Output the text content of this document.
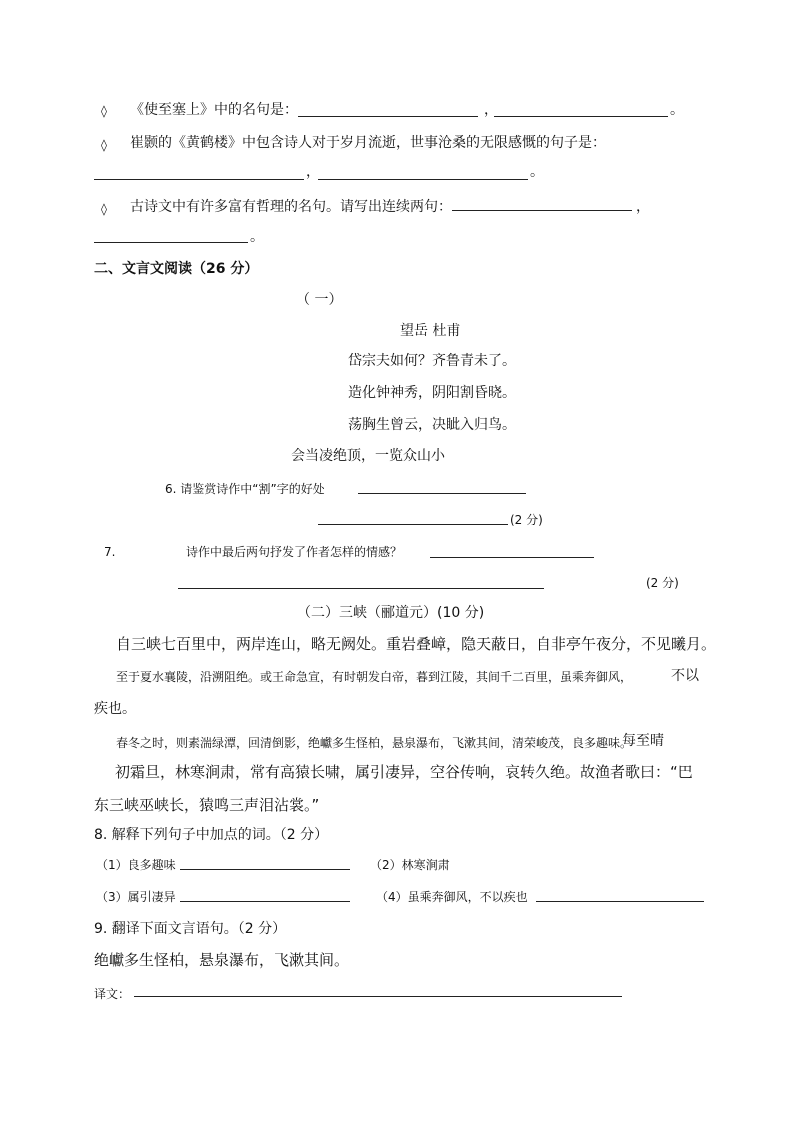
◊ 《使至塞上》中的名句是：	，	。
◊ 崔颢的《黄鹤楼》中包含诗人对于岁月流逝，世事沧桑的无限感慨的句子是：
，	。
◊ 古诗文中有许多富有哲理的名句。请写出连续两句：	，
。
二、文言文阅读（26 分）
（ 一）
望岳 杜甫
岱宗夫如何？齐鲁青未了。
造化钟神秀，阴阳割昏晓。
荡胸生曾云，决眦入归鸟。
会当凌绝顶，一览众山小
6. 请鉴赏诗作中“割”字的好处
(2 分)
7.	诗作中最后两句抒发了作者怎样的情感？
(2 分)
（二）三峡（郦道元）(10 分)
自三峡七百里中，两岸连山，略无阙处。重岩叠嶂，隐天蔽日，自非亭午夜分，不见曦月。
至于夏水襄陵，沿溯阻绝。或王命急宣，有时朝发白帝，暮到江陵，其间千二百里，虽乘奔御风，	不以
疾也。
春冬之时，则素湍绿潭，回清倒影，绝巘多生怪柏，悬泉瀑布，飞漱其间，清荣峻茂，良多趣味。
每至晴
初霜旦，林寒涧肃，常有高猿长啸，属引凄异，空谷传响，哀转久绝。故渔者歌曰：“巴
东三峡巫峡长，猿鸣三声泪沾裳。”
8. 解释下列句子中加点的词。（2 分）
（1）良多趣味	（2）林寒涧肃
（3）属引凄异	（4）虽乘奔御风，不以疾也
9. 翻译下面文言语句。（2 分）
绝巘多生怪柏，悬泉瀑布，飞漱其间。
译文：
